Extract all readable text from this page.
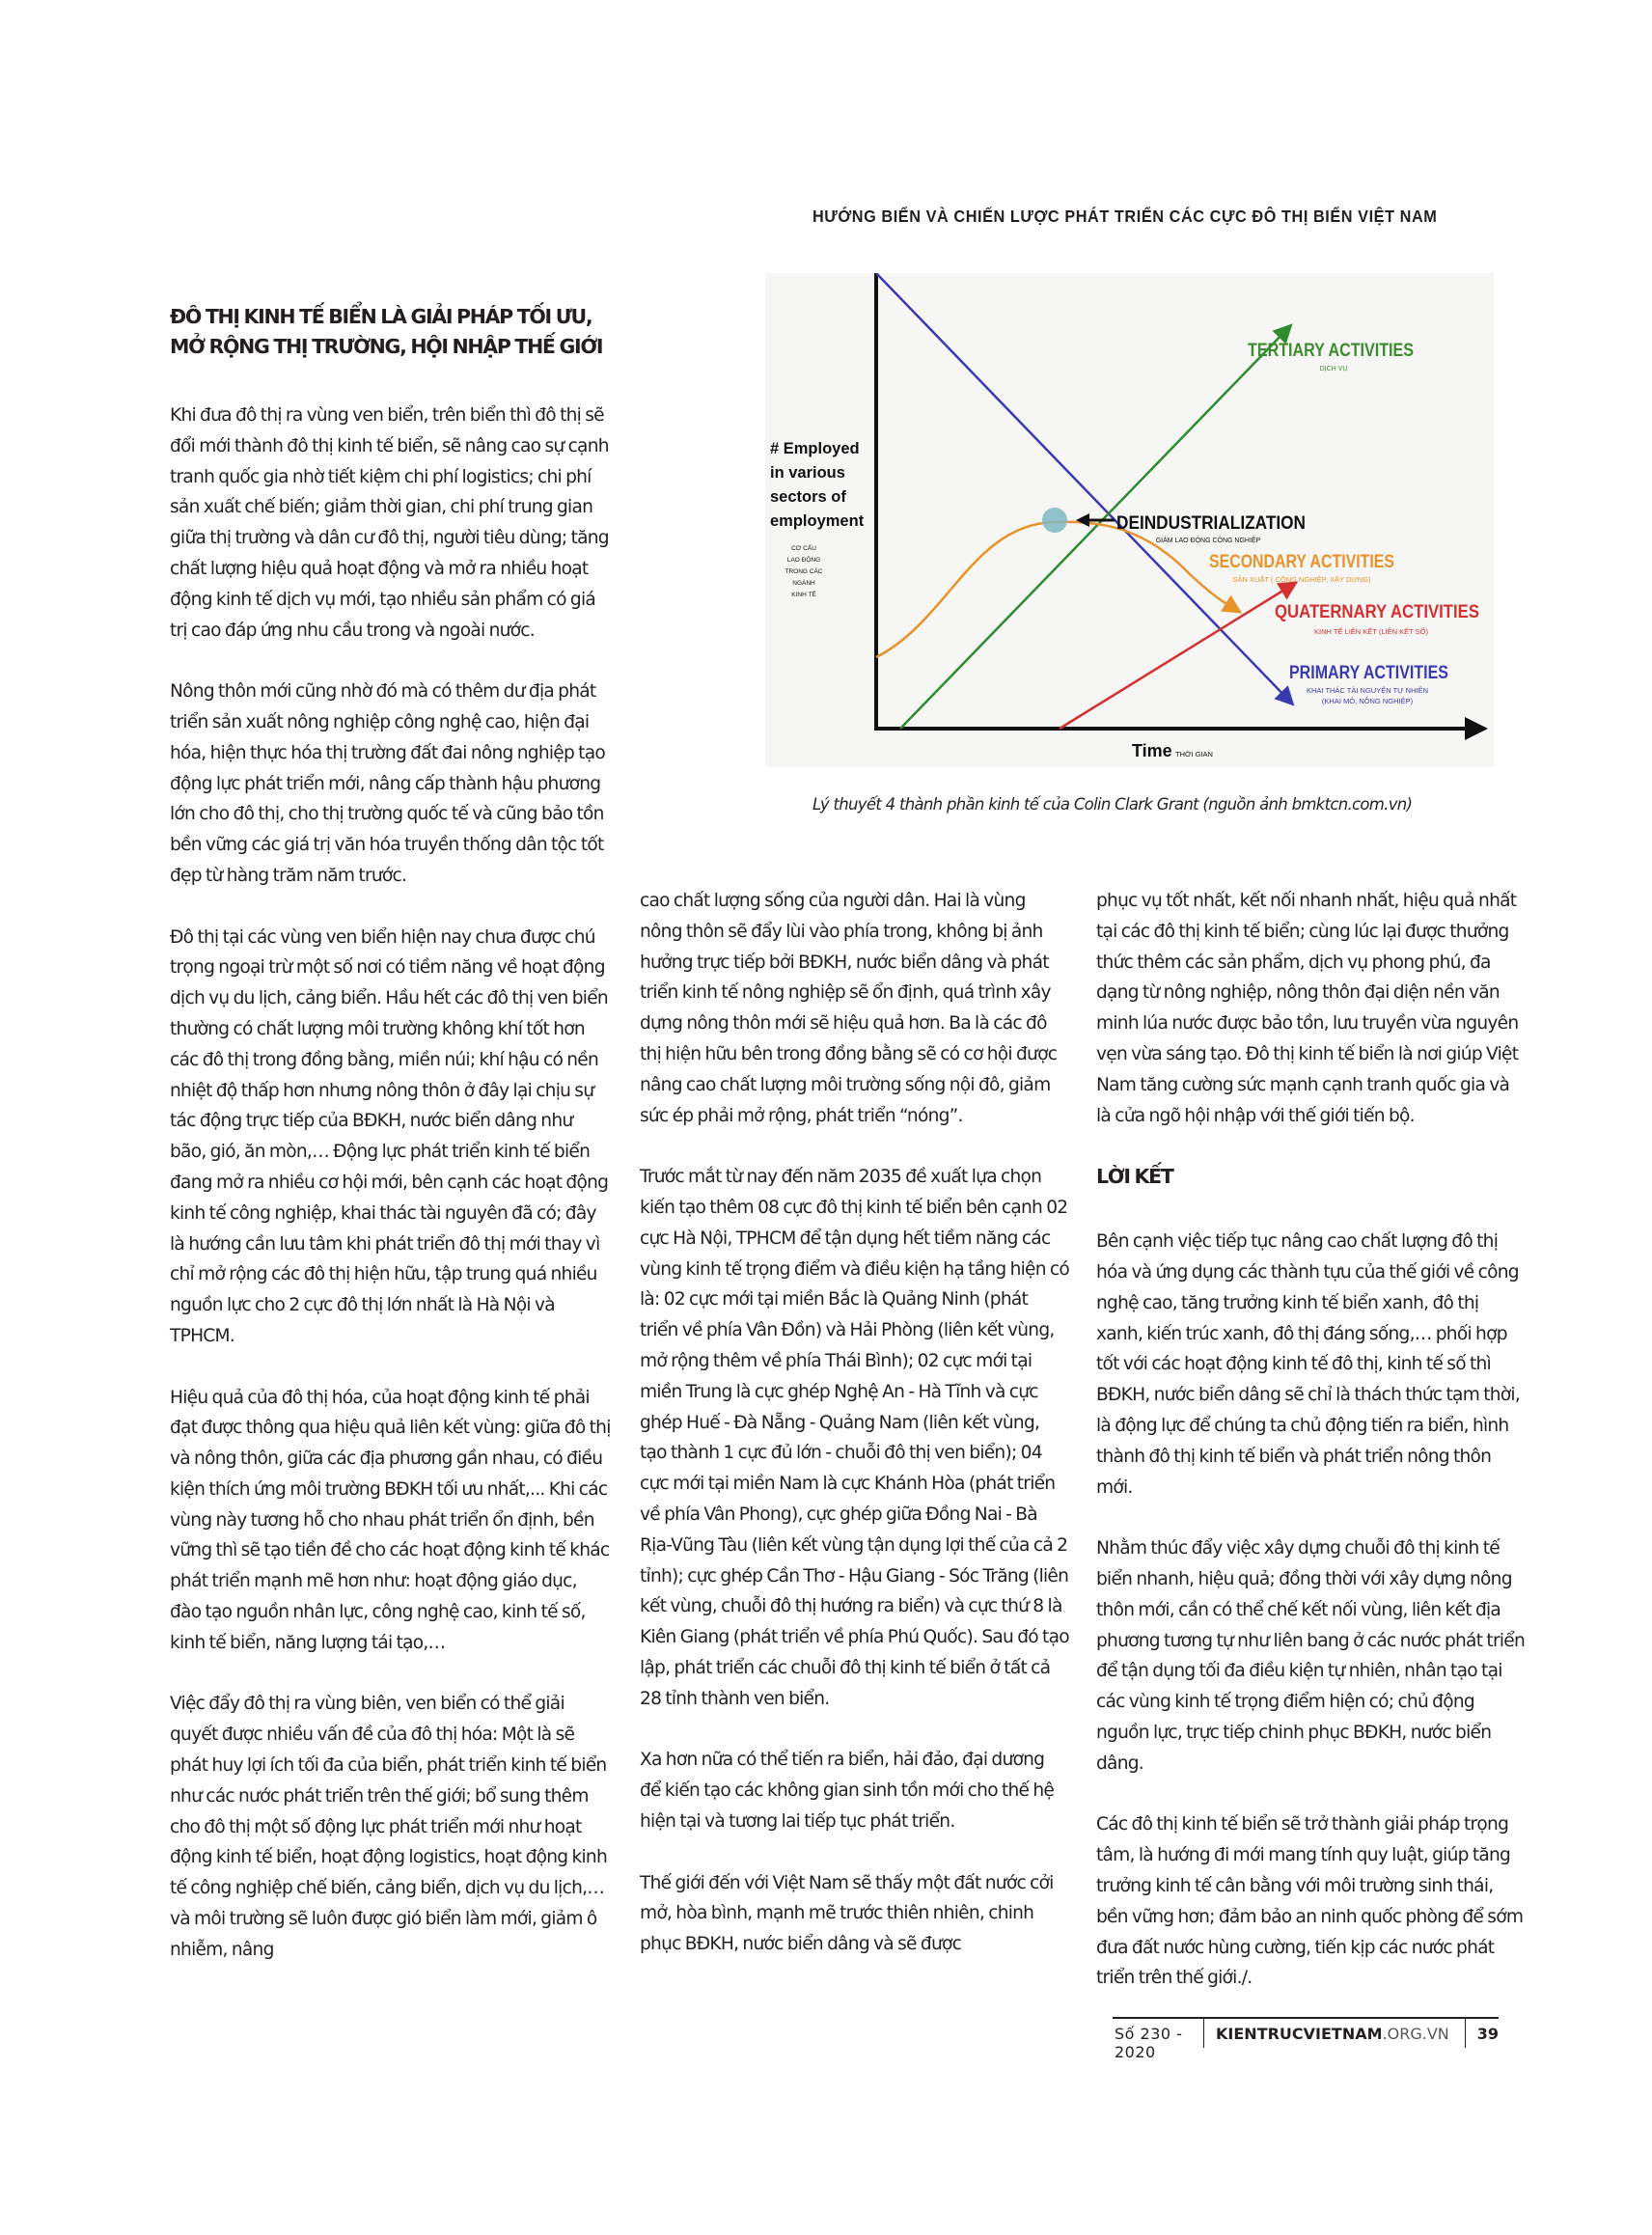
HƯỚNG BIỂN VÀ CHIẾN LƯỢC PHÁT TRIỂN CÁC CỰC ĐÔ THỊ BIỂN VIỆT NAM
ĐÔ THỊ KINH TẾ BIỂN LÀ GIẢI PHÁP TỐI ƯU,
MỞ RỘNG THỊ TRƯỜNG, HỘI NHẬP THẾ GIỚI

Khi đưa đô thị ra vùng ven biển, trên biển thì đô thị sẽ đổi mới thành đô thị kinh tế biển, sẽ nâng cao sự cạnh tranh quốc gia nhờ tiết kiệm chi phí logistics; chi phí sản xuất chế biến; giảm thời gian, chi phí trung gian giữa thị trường và dân cư đô thị, người tiêu dùng; tăng chất lượng hiệu quả hoạt động và mở ra nhiều hoạt động kinh tế dịch vụ mới, tạo nhiều sản phẩm có giá trị cao đáp ứng nhu cầu trong và ngoài nước.

Nông thôn mới cũng nhờ đó mà có thêm dư địa phát triển sản xuất nông nghiệp công nghệ cao, hiện đại hóa, hiện thực hóa thị trường đất đai nông nghiệp tạo động lực phát triển mới, nâng cấp thành hậu phương lớn cho đô thị, cho thị trường quốc tế và cũng bảo tồn bền vững các giá trị văn hóa truyền thống dân tộc tốt đẹp từ hàng trăm năm trước.

Đô thị tại các vùng ven biển hiện nay chưa được chú trọng ngoại trừ một số nơi có tiềm năng về hoạt động dịch vụ du lịch, cảng biển. Hầu hết các đô thị ven biển thường có chất lượng môi trường không khí tốt hơn các đô thị trong đồng bằng, miền núi; khí hậu có nền nhiệt độ thấp hơn nhưng nông thôn ở đây lại chịu sự tác động trực tiếp của BĐKH, nước biển dâng như bão, gió, ăn mòn,… Động lực phát triển kinh tế biển đang mở ra nhiều cơ hội mới, bên cạnh các hoạt động kinh tế công nghiệp, khai thác tài nguyên đã có; đây là hướng cần lưu tâm khi phát triển đô thị mới thay vì chỉ mở rộng các đô thị hiện hữu, tập trung quá nhiều nguồn lực cho 2 cực đô thị lớn nhất là Hà Nội và TPHCM.

Hiệu quả của đô thị hóa, của hoạt động kinh tế phải đạt được thông qua hiệu quả liên kết vùng: giữa đô thị và nông thôn, giữa các địa phương gần nhau, có điều kiện thích ứng môi trường BĐKH tối ưu nhất,... Khi các vùng này tương hỗ cho nhau phát triển ổn định, bền vững thì sẽ tạo tiền đề cho các hoạt động kinh tế khác phát triển mạnh mẽ hơn như: hoạt động giáo dục, đào tạo nguồn nhân lực, công nghệ cao, kinh tế số, kinh tế biển, năng lượng tái tạo,…

Việc đẩy đô thị ra vùng biên, ven biển có thể giải quyết được nhiều vấn đề của đô thị hóa: Một là sẽ phát huy lợi ích tối đa của biển, phát triển kinh tế biển như các nước phát triển trên thế giới; bổ sung thêm cho đô thị một số động lực phát triển mới như hoạt động kinh tế biển, hoạt động logistics, hoạt động kinh tế công nghiệp chế biến, cảng biển, dịch vụ du lịch,… và môi trường sẽ luôn được gió biển làm mới, giảm ô nhiễm, nâng

TERTIARY ACTIVITIES
DỊCH VỤ
DEINDUSTRIALIZATION
GIẢM LAO ĐỘNG CÔNG NGHIỆP
SECONDARY ACTIVITIES
SẢN XUẤT ( CÔNG NGHIỆP, XÂY DỰNG)
QUATERNARY ACTIVITIES
KINH TẾ LIÊN KẾT (LIÊN KẾT SỐ)
PRIMARY ACTIVITIES
KHAI THÁC TÀI NGUYÊN TỰ NHIÊN
(KHAI MỎ, NÔNG NGHIỆP)
# Employed
in various
sectors of
employment
CƠ CẤU
LAO ĐỘNG
TRONG CÁC
NGÀNH
KINH TẾ
Time THỜI GIAN
Lý thuyết 4 thành phần kinh tế của Colin Clark Grant (nguồn ảnh bmktcn.com.vn)

cao chất lượng sống của người dân. Hai là vùng nông thôn sẽ đẩy lùi vào phía trong, không bị ảnh hưởng trực tiếp bởi BĐKH, nước biển dâng và phát triển kinh tế nông nghiệp sẽ ổn định, quá trình xây dựng nông thôn mới sẽ hiệu quả hơn. Ba là các đô thị hiện hữu bên trong đồng bằng sẽ có cơ hội được nâng cao chất lượng môi trường sống nội đô, giảm sức ép phải mở rộng, phát triển “nóng”.

Trước mắt từ nay đến năm 2035 đề xuất lựa chọn kiến tạo thêm 08 cực đô thị kinh tế biển bên cạnh 02 cực Hà Nội, TPHCM để tận dụng hết tiềm năng các vùng kinh tế trọng điểm và điều kiện hạ tầng hiện có là: 02 cực mới tại miền Bắc là Quảng Ninh (phát triển về phía Vân Đồn) và Hải Phòng (liên kết vùng, mở rộng thêm về phía Thái Bình); 02 cực mới tại miền Trung là cực ghép Nghệ An - Hà Tĩnh và cực ghép Huế - Đà Nẵng - Quảng Nam (liên kết vùng, tạo thành 1 cực đủ lớn - chuỗi đô thị ven biển); 04 cực mới tại miền Nam là cực Khánh Hòa (phát triển về phía Vân Phong), cực ghép giữa Đồng Nai - Bà Rịa-Vũng Tàu (liên kết vùng tận dụng lợi thế của cả 2 tỉnh); cực ghép Cần Thơ - Hậu Giang - Sóc Trăng (liên kết vùng, chuỗi đô thị hướng ra biển) và cực thứ 8 là Kiên Giang (phát triển về phía Phú Quốc). Sau đó tạo lập, phát triển các chuỗi đô thị kinh tế biển ở tất cả 28 tỉnh thành ven biển.

Xa hơn nữa có thể tiến ra biển, hải đảo, đại dương để kiến tạo các không gian sinh tồn mới cho thế hệ hiện tại và tương lai tiếp tục phát triển.

Thế giới đến với Việt Nam sẽ thấy một đất nước cởi mở, hòa bình, mạnh mẽ trước thiên nhiên, chinh phục BĐKH, nước biển dâng và sẽ được

phục vụ tốt nhất, kết nối nhanh nhất, hiệu quả nhất tại các đô thị kinh tế biển; cùng lúc lại được thưởng thức thêm các sản phẩm, dịch vụ phong phú, đa dạng từ nông nghiệp, nông thôn đại diện nền văn minh lúa nước được bảo tồn, lưu truyền vừa nguyên vẹn vừa sáng tạo. Đô thị kinh tế biển là nơi giúp Việt Nam tăng cường sức mạnh cạnh tranh quốc gia và là cửa ngõ hội nhập với thế giới tiến bộ.

LỜI KẾT

Bên cạnh việc tiếp tục nâng cao chất lượng đô thị hóa và ứng dụng các thành tựu của thế giới về công nghệ cao, tăng trưởng kinh tế biển xanh, đô thị xanh, kiến trúc xanh, đô thị đáng sống,… phối hợp tốt với các hoạt động kinh tế đô thị, kinh tế số thì BĐKH, nước biển dâng sẽ chỉ là thách thức tạm thời, là động lực để chúng ta chủ động tiến ra biển, hình thành đô thị kinh tế biển và phát triển nông thôn mới.

Nhằm thúc đẩy việc xây dựng chuỗi đô thị kinh tế biển nhanh, hiệu quả; đồng thời với xây dựng nông thôn mới, cần có thể chế kết nối vùng, liên kết địa phương tương tự như liên bang ở các nước phát triển để tận dụng tối đa điều kiện tự nhiên, nhân tạo tại các vùng kinh tế trọng điểm hiện có; chủ động nguồn lực, trực tiếp chinh phục BĐKH, nước biển dâng.

Các đô thị kinh tế biển sẽ trở thành giải pháp trọng tâm, là hướng đi mới mang tính quy luật, giúp tăng trưởng kinh tế cân bằng với môi trường sinh thái, bền vững hơn; đảm bảo an ninh quốc phòng để sớm đưa đất nước hùng cường, tiến kịp các nước phát triển trên thế giới./.

Số 230 - 2020
KIENTRUCVIETNAM.ORG.VN	39
